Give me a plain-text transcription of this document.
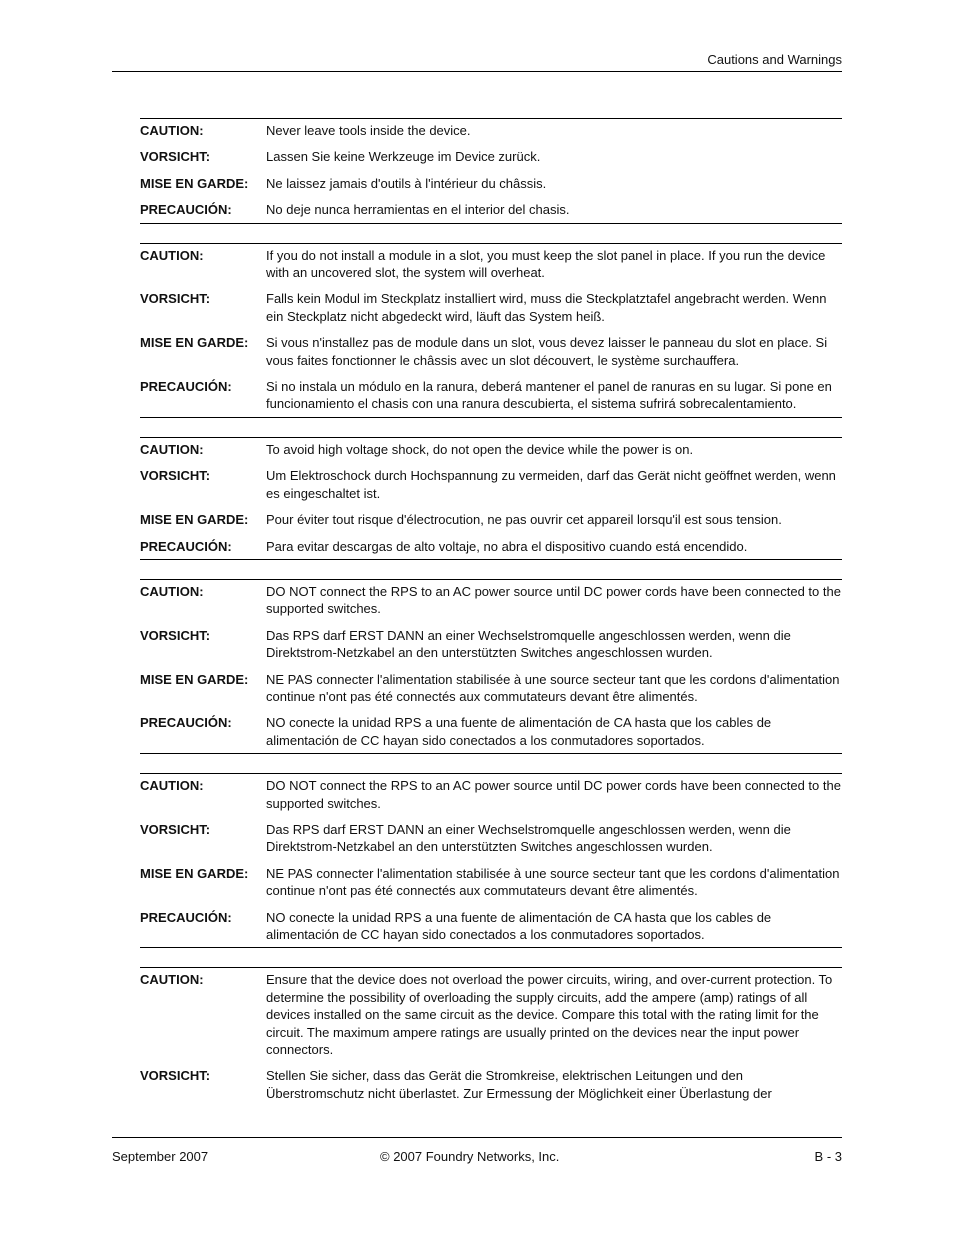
Cautions and Warnings
CAUTION:	Never leave tools inside the device.
VORSICHT:	Lassen Sie keine Werkzeuge im Device zurück.
MISE EN GARDE:	Ne laissez jamais d'outils à l'intérieur du châssis.
PRECAUCIÓN:	No deje nunca herramientas en el interior del chasis.
CAUTION:	If you do not install a module in a slot, you must keep the slot panel in place. If you run the device with an uncovered slot, the system will overheat.
VORSICHT:	Falls kein Modul im Steckplatz installiert wird, muss die Steckplatztafel angebracht werden. Wenn ein Steckplatz nicht abgedeckt wird, läuft das System heiß.
MISE EN GARDE:	Si vous n'installez pas de module dans un slot, vous devez laisser le panneau du slot en place. Si vous faites fonctionner le châssis avec un slot découvert, le système surchauffera.
PRECAUCIÓN:	Si no instala un módulo en la ranura, deberá mantener el panel de ranuras en su lugar. Si pone en funcionamiento el chasis con una ranura descubierta, el sistema sufrirá sobrecalentamiento.
CAUTION:	To avoid high voltage shock, do not open the device while the power is on.
VORSICHT:	Um Elektroschock durch Hochspannung zu vermeiden, darf das Gerät nicht geöffnet werden, wenn es eingeschaltet ist.
MISE EN GARDE:	Pour éviter tout risque d'électrocution, ne pas ouvrir cet appareil lorsqu'il est sous tension.
PRECAUCIÓN:	Para evitar descargas de alto voltaje, no abra el dispositivo cuando está encendido.
CAUTION:	DO NOT connect the RPS to an AC power source until DC power cords have been connected to the supported switches.
VORSICHT:	Das RPS darf ERST DANN an einer Wechselstromquelle angeschlossen werden, wenn die Direktstrom-Netzkabel an den unterstützten Switches angeschlossen wurden.
MISE EN GARDE:	NE PAS connecter l'alimentation stabilisée à une source secteur tant que les cordons d'alimentation continue n'ont pas été connectés aux commutateurs devant être alimentés.
PRECAUCIÓN:	NO conecte la unidad RPS a una fuente de alimentación de CA hasta que los cables de alimentación de CC hayan sido conectados a los conmutadores soportados.
CAUTION:	DO NOT connect the RPS to an AC power source until DC power cords have been connected to the supported switches.
VORSICHT:	Das RPS darf ERST DANN an einer Wechselstromquelle angeschlossen werden, wenn die Direktstrom-Netzkabel an den unterstützten Switches angeschlossen wurden.
MISE EN GARDE:	NE PAS connecter l'alimentation stabilisée à une source secteur tant que les cordons d'alimentation continue n'ont pas été connectés aux commutateurs devant être alimentés.
PRECAUCIÓN:	NO conecte la unidad RPS a una fuente de alimentación de CA hasta que los cables de alimentación de CC hayan sido conectados a los conmutadores soportados.
CAUTION:	Ensure that the device does not overload the power circuits, wiring, and over-current protection. To determine the possibility of overloading the supply circuits, add the ampere (amp) ratings of all devices installed on the same circuit as the device. Compare this total with the rating limit for the circuit. The maximum ampere ratings are usually printed on the devices near the input power connectors.
VORSICHT:	Stellen Sie sicher, dass das Gerät die Stromkreise, elektrischen Leitungen und den Überstromschutz nicht überlastet. Zur Ermessung der Möglichkeit einer Überlastung der
September 2007	© 2007 Foundry Networks, Inc.	B - 3
